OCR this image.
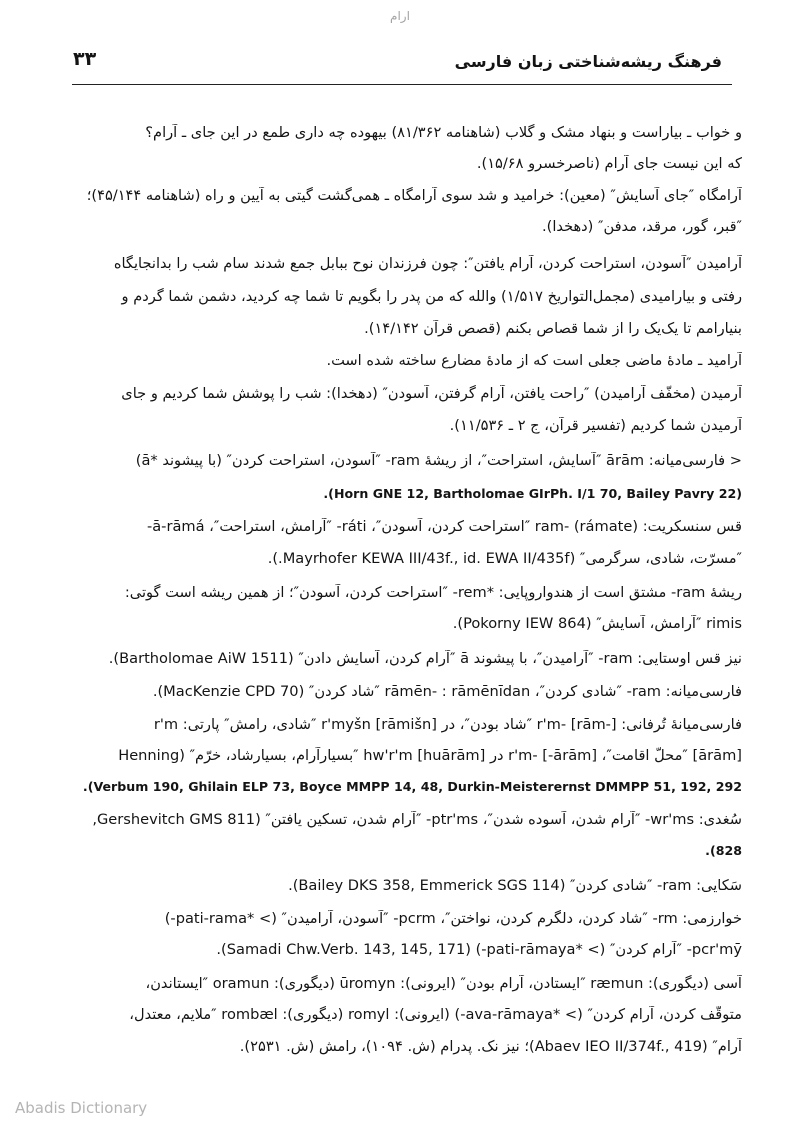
ارام
۳۳	فرهنگ ریشه‌شناختی زبان فارسی
و خواب ـ بیاراست و بنهاد مشک و گلاب (شاهنامه ۸۱/۳۶۲) بیهوده چه داری طمع در این جای ـ آرام؟
که این نیست جای آرام (ناصرخسرو ۱۵/۶۸).
آرامگاه ″جای آسایش″ (معین): خرامید و شد سوی آرامگاه ـ همی‌گشت گیتی به آیین و راه (شاهنامه ۴۵/۱۴۴)؛
″قبر، گور، مرقد، مدفن″ (دهخدا).
آرامیدن ″آسودن، استراحت کردن، آرام یافتن″: چون فرزندان نوح ببابل جمع شدند سام شب را بدانجایگاه
رفتی و بیارامیدی (مجمل‌التواریخ ۱/۵۱۷) والله که من پدر را بگویم تا شما چه کردید، دشمن شما گردم و
بنیارامم تا یک‌یک را از شما قصاص بکنم (قصص قرآن ۱۴/۱۴۲).
آرامید ـ مادهٔ ماضی جعلی است که از مادهٔ مضارع ساخته شده است.
آرمیدن (مخفّف آرامیدن) ″راحت یافتن، آرام گرفتن، آسودن″ (دهخدا): شب را پوشش شما کردیم و جای
آرمیدن شما کردیم (تفسیر قرآن، ج ۲ ـ ۱۱/۵۳۶).
< فارسی‌میانه: ārām ″آسایش، استراحت″، از ریشهٔ ram- ″آسودن، استراحت کردن″ (با پیشوند *ā)
(Horn GNE 12, Bartholomae GIrPh. I/1 70, Bailey Pavry 22).
قس سنسکریت: ram- (rámate) ″استراحت کردن، آسودن″، ráti- ″آرامش، استراحت″، ā-rāmá-
″مسرّت، شادی، سرگرمی″ (Mayrhofer KEWA III/43f., id. EWA II/435f.).
ریشهٔ ram- مشتق است از هندواروپایی: *rem- ″استراحت کردن، آسودن″؛ از همین ریشه است گوتی:
rimis ″آرامش، آسایش″ (Pokorny IEW 864).
نیز قس اوستایی: ram- ″آرامیدن″، با پیشوند ā ″آرام کردن، آسایش دادن″ (Bartholomae AiW 1511).
فارسی‌میانه: ram- ″شادی کردن″، rāmēn- : rāmēnīdan ″شاد کردن″ (MacKenzie CPD 70).
فارسی‌میانهٔ تُرفانی: r'm- [rām-] ″شاد بودن″، در r'myšn [rāmišn] ″شادی، رامش″ پارتی: r'm
[ārām] ″محلّ اقامت″، r'm- [-ārām] در hw'r'm [huārām] ″بسیارآرام، بسیارشاد، خرّم″ (Henning
Verbum 190, Ghilain ELP 73, Boyce MMPP 14, 48, Durkin-Meisterernst DMMPP 51, 192, 292).
سُغدی: wr'ms- ″آرام شدن، آسوده شدن″، ptr'ms- ″آرام شدن، تسکین یافتن″ (Gershevitch GMS 811,
828).
سَکایی: ram- ″شادی کردن″ (Bailey DKS 358, Emmerick SGS 114).
خوارزمی: rm- ″شاد کردن، دلگرم کردن، نواختن″، pcrm- ″آسودن، آرامیدن″ (> *pati-rama-)
pcr'mȳ- ″آرام کردن″ (> *pati-rāmaya-) (Samadi Chw.Verb. 143, 145, 171).
آسی (دیگوری): ræmun ″ایستادن، آرام بودن″ (ایرونی): ūromyn (دیگوری): oramun ″ایستاندن،
متوقّف کردن، آرام کردن″ (> *ava-rāmaya-) (ایرونی): romyl (دیگوری): rombæl ″ملایم، معتدل،
آرام″ (Abaev IEO II/374f., 419)؛ نیز نک. پدرام (ش. ۱۰۹۴)، رامش (ش. ۲۵۳۱).
Abadis Dictionary
